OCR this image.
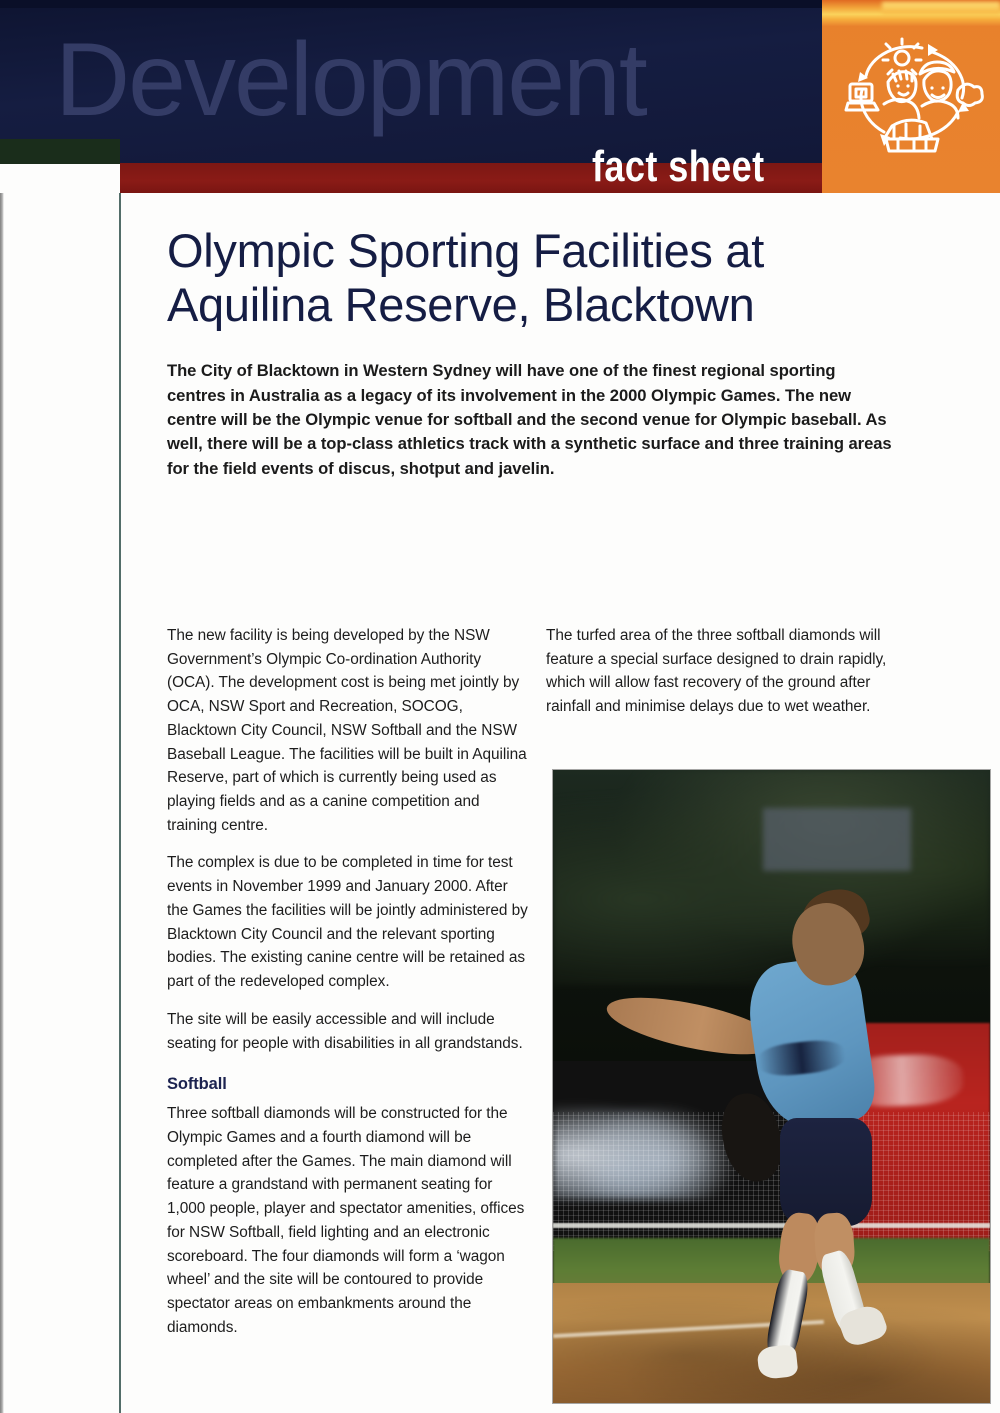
Development
fact sheet
Olympic Sporting Facilities at Aquilina Reserve, Blacktown

The City of Blacktown in Western Sydney will have one of the finest regional sporting centres in Australia as a legacy of its involvement in the 2000 Olympic Games. The new centre will be the Olympic venue for softball and the second venue for Olympic baseball. As well, there will be a top-class athletics track with a synthetic surface and three training areas for the field events of discus, shotput and javelin.

The new facility is being developed by the NSW Government’s Olympic Co-ordination Authority (OCA). The development cost is being met jointly by OCA, NSW Sport and Recreation, SOCOG, Blacktown City Council, NSW Softball and the NSW Baseball League. The facilities will be built in Aquilina Reserve, part of which is currently being used as playing fields and as a canine competition and training centre.

The complex is due to be completed in time for test events in November 1999 and January 2000. After the Games the facilities will be jointly administered by Blacktown City Council and the relevant sporting bodies. The existing canine centre will be retained as part of the redeveloped complex.

The site will be easily accessible and will include seating for people with disabilities in all grandstands.

Softball

Three softball diamonds will be constructed for the Olympic Games and a fourth diamond will be completed after the Games. The main diamond will feature a grandstand with permanent seating for 1,000 people, player and spectator amenities, offices for NSW Softball, field lighting and an electronic scoreboard. The four diamonds will form a ‘wagon wheel’ and the site will be contoured to provide spectator areas on embankments around the diamonds.

The turfed area of the three softball diamonds will feature a special surface designed to drain rapidly, which will allow fast recovery of the ground after rainfall and minimise delays due to wet weather.
